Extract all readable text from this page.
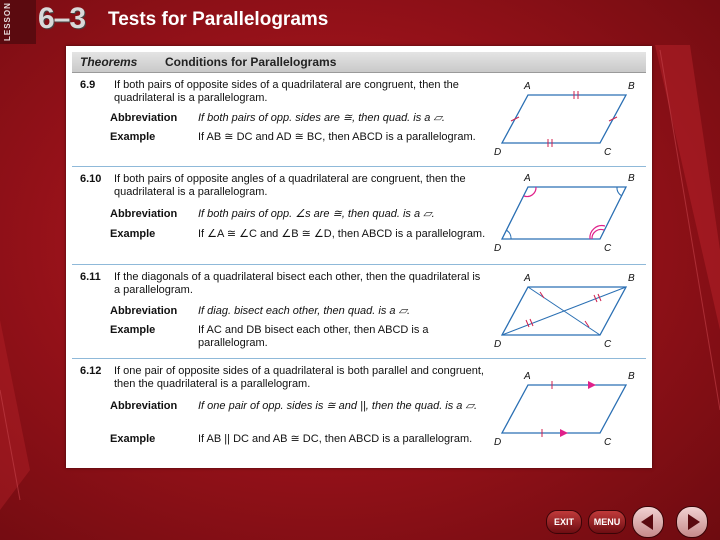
LESSON 6–3 Tests for Parallelograms
Theorems Conditions for Parallelograms
6.9 If both pairs of opposite sides of a quadrilateral are congruent, then the quadrilateral is a parallelogram.
Abbreviation If both pairs of opp. sides are ≅, then quad. is a ▱.
Example	If AB ≅ DC and AD ≅ BC, then ABCD is a parallelogram.
A	B
C
D
6.10 If both pairs of opposite angles of a quadrilateral are congruent, then the quadrilateral is a parallelogram.
Abbreviation If both pairs of opp. ∠s are ≅, then quad. is a ▱.
Example	If ∠A ≅ ∠C and ∠B ≅ ∠D, then ABCD is a parallelogram.
A	B
C
D
6.11 If the diagonals of a quadrilateral bisect each other, then the quadrilateral is a parallelogram.
Abbreviation If diag. bisect each other, then quad. is a ▱.
Example	If AC and DB bisect each other, then ABCD is a parallelogram.
A	B
C
D
6.12 If one pair of opposite sides of a quadrilateral is both parallel and congruent, then the quadrilateral is a parallelogram.
Abbreviation If one pair of opp. sides is ≅ and ||, then the quad. is a ▱.
Example	If AB || DC and AB ≅ DC, then ABCD is a parallelogram.
A	B
C
D
EXIT	MENU
